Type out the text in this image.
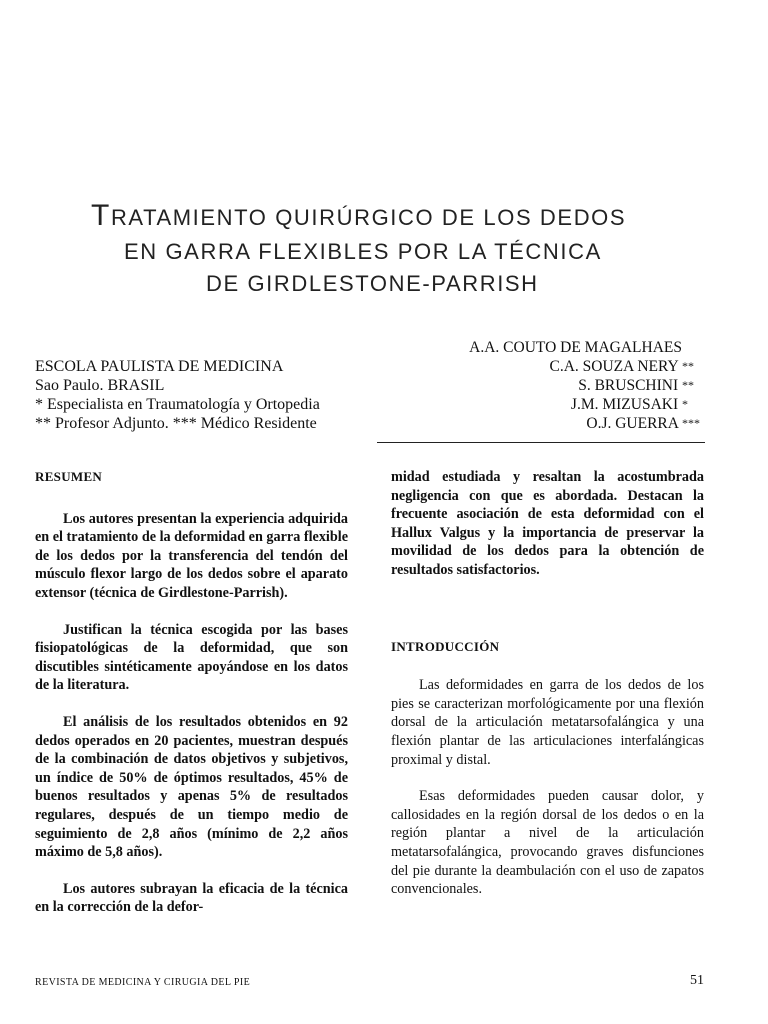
TRATAMIENTO QUIRÚRGICO DE LOS DEDOS
EN GARRA FLEXIBLES POR LA TÉCNICA
DE GIRDLESTONE-PARRISH
A.A. COUTO DE MAGALHAES
C.A. SOUZA NERY **
S. BRUSCHINI **
J.M. MIZUSAKI *
O.J. GUERRA ***
ESCOLA PAULISTA DE MEDICINA
Sao Paulo. BRASIL
* Especialista en Traumatología y Ortopedia
** Profesor Adjunto. *** Médico Residente

RESUMEN

Los autores presentan la experiencia adquirida en el tratamiento de la deformidad en garra flexible de los dedos por la transferencia del tendón del músculo flexor largo de los dedos sobre el aparato extensor (técnica de Girdlestone-Parrish).

Justifican la técnica escogida por las bases fisiopatológicas de la deformidad, que son discutibles sintéticamente apoyándose en los datos de la literatura.

El análisis de los resultados obtenidos en 92 dedos operados en 20 pacientes, muestran después de la combinación de datos objetivos y subjetivos, un índice de 50% de óptimos resultados, 45% de buenos resultados y apenas 5% de resultados regulares, después de un tiempo medio de seguimiento de 2,8 años (mínimo de 2,2 años máximo de 5,8 años).

Los autores subrayan la eficacia de la técnica en la corrección de la defor-

midad estudiada y resaltan la acostumbrada negligencia con que es abordada. Destacan la frecuente asociación de esta deformidad con el Hallux Valgus y la importancia de preservar la movilidad de los dedos para la obtención de resultados satisfactorios.

INTRODUCCIÓN

Las deformidades en garra de los dedos de los pies se caracterizan morfológicamente por una flexión dorsal de la articulación metatarsofalángica y una flexión plantar de las articulaciones interfalángicas proximal y distal.

Esas deformidades pueden causar dolor, y callosidades en la región dorsal de los dedos o en la región plantar a nivel de la articulación metatarsofalángica, provocando graves disfunciones del pie durante la deambulación con el uso de zapatos convencionales.

REVISTA DE MEDICINA Y CIRUGIA DEL PIE	51
